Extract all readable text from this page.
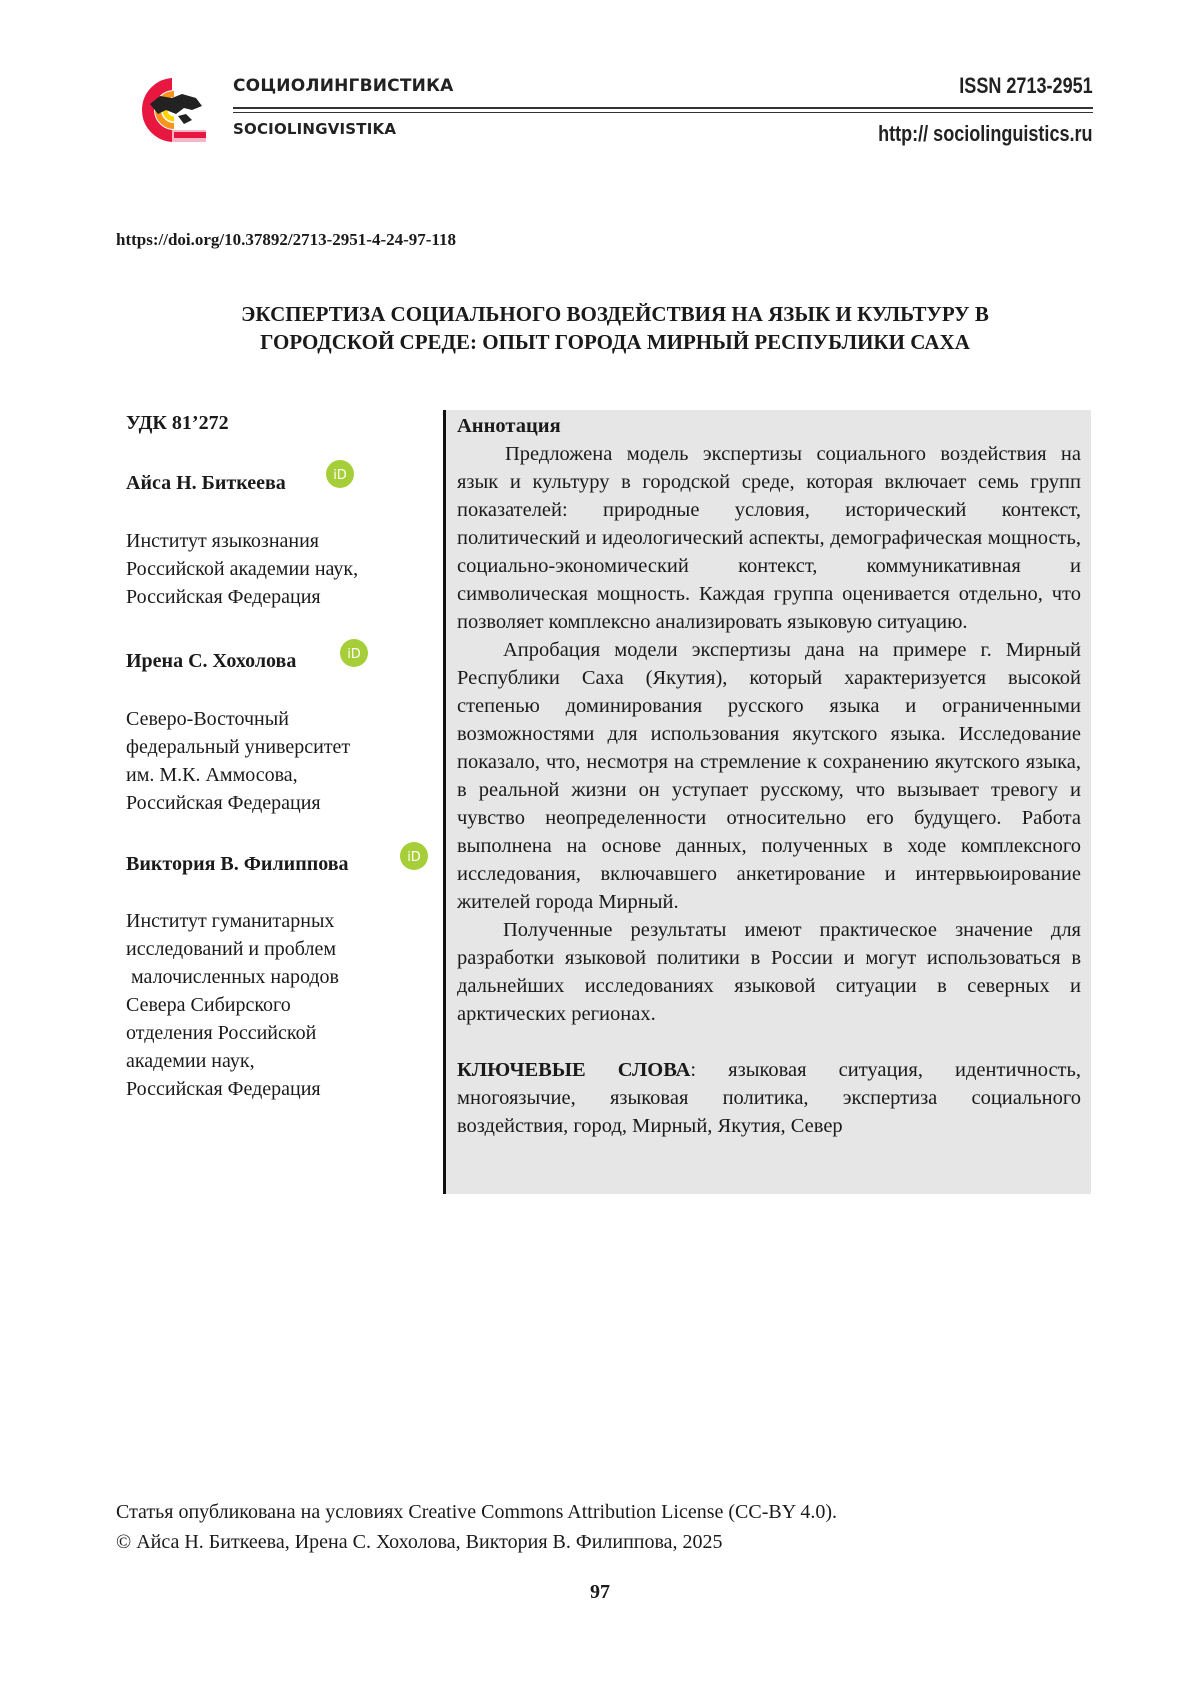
СОЦИОЛИНГВИСТИКА
SOCIOLINGVISTIKA
ISSN 2713-2951
http:// sociolinguistics.ru
https://doi.org/10.37892/2713-2951-4-24-97-118
ЭКСПЕРТИЗА СОЦИАЛЬНОГО ВОЗДЕЙСТВИЯ НА ЯЗЫК И КУЛЬТУРУ В
ГОРОДСКОЙ СРЕДЕ: ОПЫТ ГОРОДА МИРНЫЙ РЕСПУБЛИКИ САХА
УДК 81’272
Айса Н. Биткеева	iD
Институт языкознания
Российской академии наук,
Российская Федерация
Ирена С. Хохолова	iD
Северо-Восточный
федеральный университет
им. М.К. Аммосова,
Российская Федерация
Виктория В. Филиппова	iD
Институт гуманитарных
исследований и проблем
малочисленных народов
Севера Сибирского
отделения Российской
академии наук,
Российская Федерация
Аннотация

Предложена модель экспертизы социального воздействия на язык и культуру в городской среде, которая включает семь групп показателей: природные условия, исторический контекст, политический и идеологический аспекты, демографическая мощность, социально-экономический контекст, коммуникативная и символическая мощность. Каждая группа оценивается отдельно, что позволяет комплексно анализировать языковую ситуацию.

Апробация модели экспертизы дана на примере г. Мирный Республики Саха (Якутия), который характеризуется высокой степенью доминирования русского языка и ограниченными возможностями для использования якутского языка. Исследование показало, что, несмотря на стремление к сохранению якутского языка, в реальной жизни он уступает русскому, что вызывает тревогу и чувство неопределенности относительно его будущего. Работа выполнена на основе данных, полученных в ходе комплексного исследования, включавшего анкетирование и интервьюирование жителей города Мирный.

Полученные результаты имеют практическое значение для разработки языковой политики в России и могут использоваться в дальнейших исследованиях языковой ситуации в северных и арктических регионах.

КЛЮЧЕВЫЕ СЛОВА: языковая ситуация, идентичность, многоязычие, языковая политика, экспертиза социального воздействия, город, Мирный, Якутия, Север

Статья опубликована на условиях Creative Commons Attribution License (CC-BY 4.0).
© Айса Н. Биткеева, Ирена С. Хохолова, Виктория В. Филиппова, 2025
97
